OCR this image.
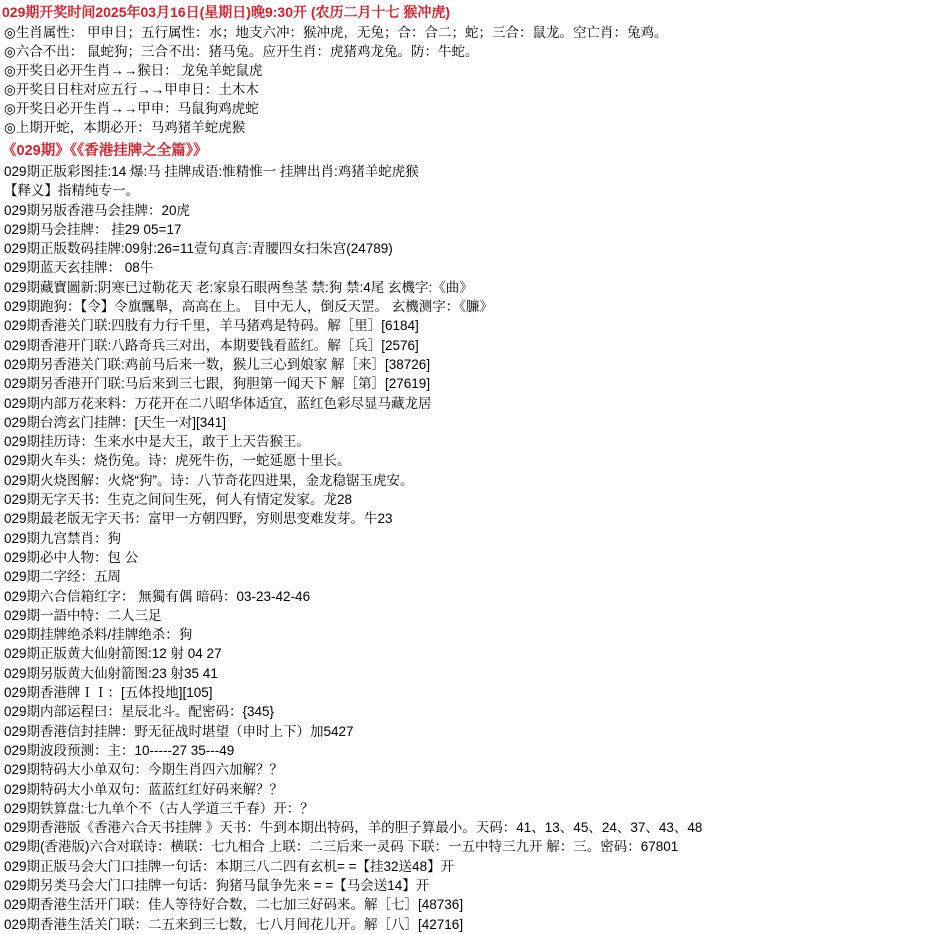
029期开奖时间2025年03月16日(星期日)晚9:30开 (农历二月十七 猴冲虎)
◎生肖属性： 甲申日；五行属性：水；地支六冲：猴冲虎，无兔；合：合二；蛇；三合：鼠龙。空亡肖：兔鸡。
◎六合不出： 鼠蛇狗；三合不出：猪马兔。应开生肖：虎猪鸡龙兔。防：牛蛇。
◎开奖日必开生肖→→猴日： 龙兔羊蛇鼠虎
◎开奖日日柱对应五行→→甲申日：土木木
◎开奖日必开生肖→→甲申：马鼠狗鸡虎蛇
◎上期开蛇，本期必开：马鸡猪羊蛇虎猴
《029期》《《香港挂牌之全篇》》
029期正版彩图挂:14 爆:马 挂牌成语:惟精惟一 挂牌出肖:鸡猪羊蛇虎猴
【释义】指精纯专一。
029期另版香港马会挂牌：20虎
029期马会挂牌： 挂29 05=17
029期正版数码挂牌:09射:26=11壹句真言:青腰四女扫朱宫(24789)
029期蓝天玄挂牌： 08牛
029期藏寶圖新:阴寒已过勒花天 老:家泉石眼两叁茎 禁:狗 禁:4尾 玄機字:《曲》
029期跑狗：【令】令旗飄舉，高高在上。 目中无人，倒反天罡。 玄機测字：《臁》
029期香港关门联:四肢有力行千里，羊马猪鸡是特码。解［里］[6184]
029期香港开门联:八路奇兵三对出，本期要钱看蓝红。解［兵］[2576]
029期另香港关门联:鸡前马后来一数，猴儿三心到娘家 解［来］[38726]
029期另香港开门联:马后来到三七跟，狗胆第一闻天下 解［第］[27619]
029期内部万花来料：万花开在二八昭华体适宜，蓝红色彩尽显马藏龙居
029期台湾玄门挂牌：[天生一对][341]
029期挂历诗：生来水中是大王，敢于上天告猴王。
029期火车头：烧伤兔。诗：虎死牛伤，一蛇延愿十里长。
029期火烧图解：火烧“狗”。诗：八节奇花四进果，金龙稳锯玉虎安。
029期无字天书：生克之间问生死，何人有情定发家。龙28
029期最老版无字天书：富甲一方朝四野，穷则思变难发芽。牛23
029期九宫禁肖：狗
029期必中人物：包 公
029期二字经：五周
029期六合信箱红字： 無獨有偶 暗码：03-23-42-46
029期一語中特：二人三足
029期挂牌绝杀料/挂牌绝杀：狗
029期正版黄大仙射箭图:12 射 04 27
029期另版黄大仙射箭图:23 射35 41
029期香港牌ＩＩ：[五体投地][105]
029期内部运程曰：星辰北斗。配密码：{345}
029期香港信封挂牌：野无征战时堪望（申时上下）加5427
029期波段预测：主：10-----27 35---49
029期特码大小单双句：今期生肖四六加解？？
029期特码大小单双句：蓝蓝红红好码来解？？
029期铁算盘:七九单个不（古人学道三千春）开：？
029期香港版《香港六合天书挂牌 》天书：牛到本期出特码，羊的胆子算最小。天码：41、13、45、24、37、43、48
029期(香港版)六合对联诗：横联：七九相合 上联：二三后来一灵码 下联：一五中特三九开 解：三。密码：67801
029期正版马会大门口挂牌一句话：本期三八二四有玄机= =【挂32送48】开
029期另类马会大门口挂牌一句话：狗猪马鼠争先来 = =【马会送14】开
029期香港生活开门联：佳人等待好合数，二七加三好码来。解［七］[48736]
029期香港生活关门联：二五来到三七数，七八月间花儿开。解［八］[42716]
